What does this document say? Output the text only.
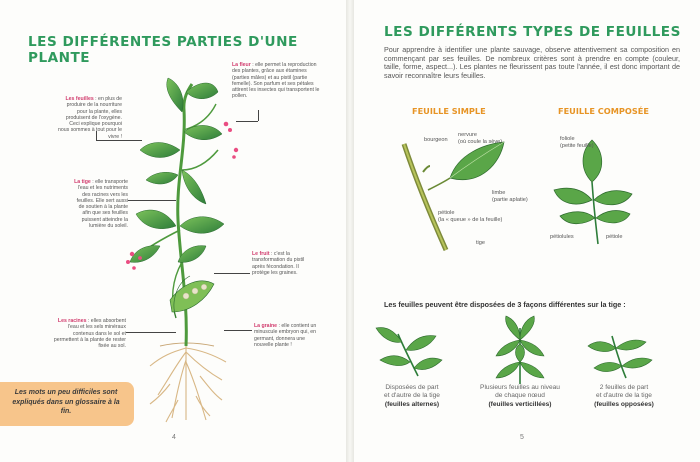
LES DIFFÉRENTES PARTIES D'UNE PLANTE	La fleur : elle permet la reproduction des plantes, grâce aux étamines (parties mâles) et au pistil (partie femelle). Son parfum et ses pétales attirent les insectes qui transportent le pollen.
Les feuilles : en plus de produire de la nourriture pour la plante, elles produisent de l'oxygène. Ceci explique pourquoi nous sommes à tout pour le vivre !
La tige : elle transporte l'eau et les nutriments des racines vers les feuilles. Elle sert aussi de soutien à la plante afin que ses feuilles puissent atteindre la lumière du soleil.
Le fruit : c'est la transformation du pistil après fécondation. Il protège les graines.
Les racines : elles absorbent l'eau et les sels minéraux contenus dans le sol et permettent à la plante de rester fixée au sol.
La graine : elle contient un minuscule embryon qui, en germant, donnera une nouvelle plante !
Les mots un peu difficiles sont expliqués dans un glossaire à la fin.
4
LES DIFFÉRENTS TYPES DE FEUILLES
Pour apprendre à identifier une plante sauvage, observe attentivement sa composition en commençant par ses feuilles. De nombreux critères sont à prendre en compte (couleur, taille, forme, aspect...). Les plantes ne fleurissent pas toute l'année, il est donc important de savoir reconnaître leurs feuilles.
FEUILLE SIMPLE	FEUILLE COMPOSÉE
bourgeon
nervure
(où coule la sève)
limbe
(partie aplatie)
pétiole
(la « queue » de la feuille)
tige
foliole
(petite feuille)
pétiolules	pétiole
Les feuilles peuvent être disposées de 3 façons différentes sur la tige :
Disposées de part
et d'autre de la tige
(feuilles alternes)
Plusieurs feuilles au niveau
de chaque nœud
(feuilles verticillées)
2 feuilles de part
et d'autre de la tige
(feuilles opposées)
5
